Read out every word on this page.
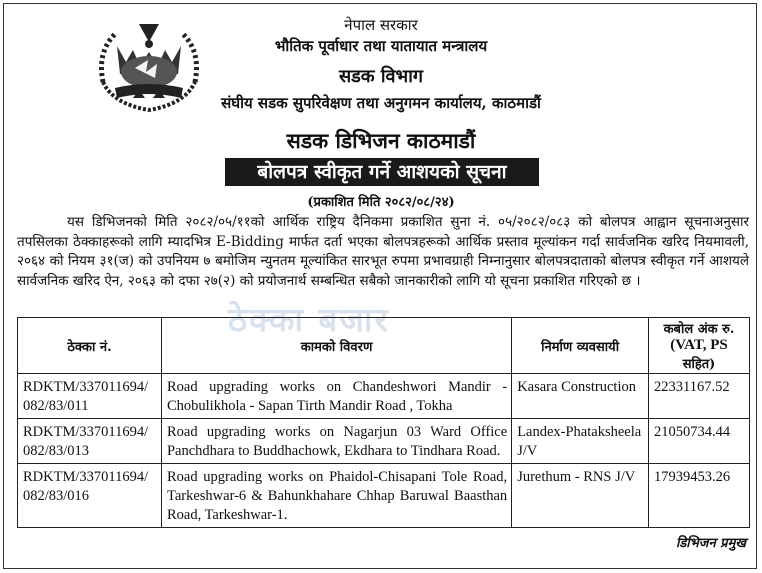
नेपाल सरकार
भौतिक पूर्वाधार तथा यातायात मन्त्रालय
सडक विभाग
संघीय सडक सुपरिवेक्षण तथा अनुगमन कार्यालय, काठमाडौं
सडक डिभिजन काठमाडौं
बोलपत्र स्वीकृत गर्ने आशयको सूचना
(प्रकाशित मिति २०८२/०८/२४)
यस डिभिजनको मिति २०८२/०५/११को आर्थिक राष्ट्रिय दैनिकमा प्रकाशित सुना नं. ०५/२०८२/०८३ को बोलपत्र आह्वान सूचनाअनुसार तपसिलका ठेक्काहरूको लागि म्यादभित्र E-Bidding मार्फत दर्ता भएका बोलपत्रहरूको आर्थिक प्रस्ताव मूल्यांकन गर्दा सार्वजनिक खरिद नियमावली, २०६४ को नियम ३१(ज) को उपनियम ७ बमोजिम न्युनतम मूल्यांकित सारभूत रुपमा प्रभावग्राही निम्नानुसार बोलपत्रदाताको बोलपत्र स्वीकृत गर्ने आशयले सार्वजनिक खरिद ऐन, २०६३ को दफा २७(२) को प्रयोजनार्थ सम्बन्धित सबैको जानकारीको लागि यो सूचना प्रकाशित गरिएको छ ।
ठेक्का बजार
ठेक्का नं.	कामको विवरण	निर्माण व्यवसायी	कबोल अंक रु.
(VAT, PS
सहित)

RDKTM/337011694/ 082/83/011	Road upgrading works on Chandeshwori Mandir - Chobulikhola - Sapan Tirth Mandir Road , Tokha	Kasara Construction	22331167.52
RDKTM/337011694/ 082/83/013	Road upgrading works on Nagarjun 03 Ward Office Panchdhara to Buddhachowk, Ekdhara to Tindhara Road.	Landex-Phataksheela J/V	21050734.44
RDKTM/337011694/ 082/83/016	Road upgrading works on Phaidol-Chisapani Tole Road, Tarkeshwar-6 & Bahunkhahare Chhap Baruwal Baasthan Road, Tarkeshwar-1.	Jurethum - RNS J/V	17939453.26
डिभिजन प्रमुख
